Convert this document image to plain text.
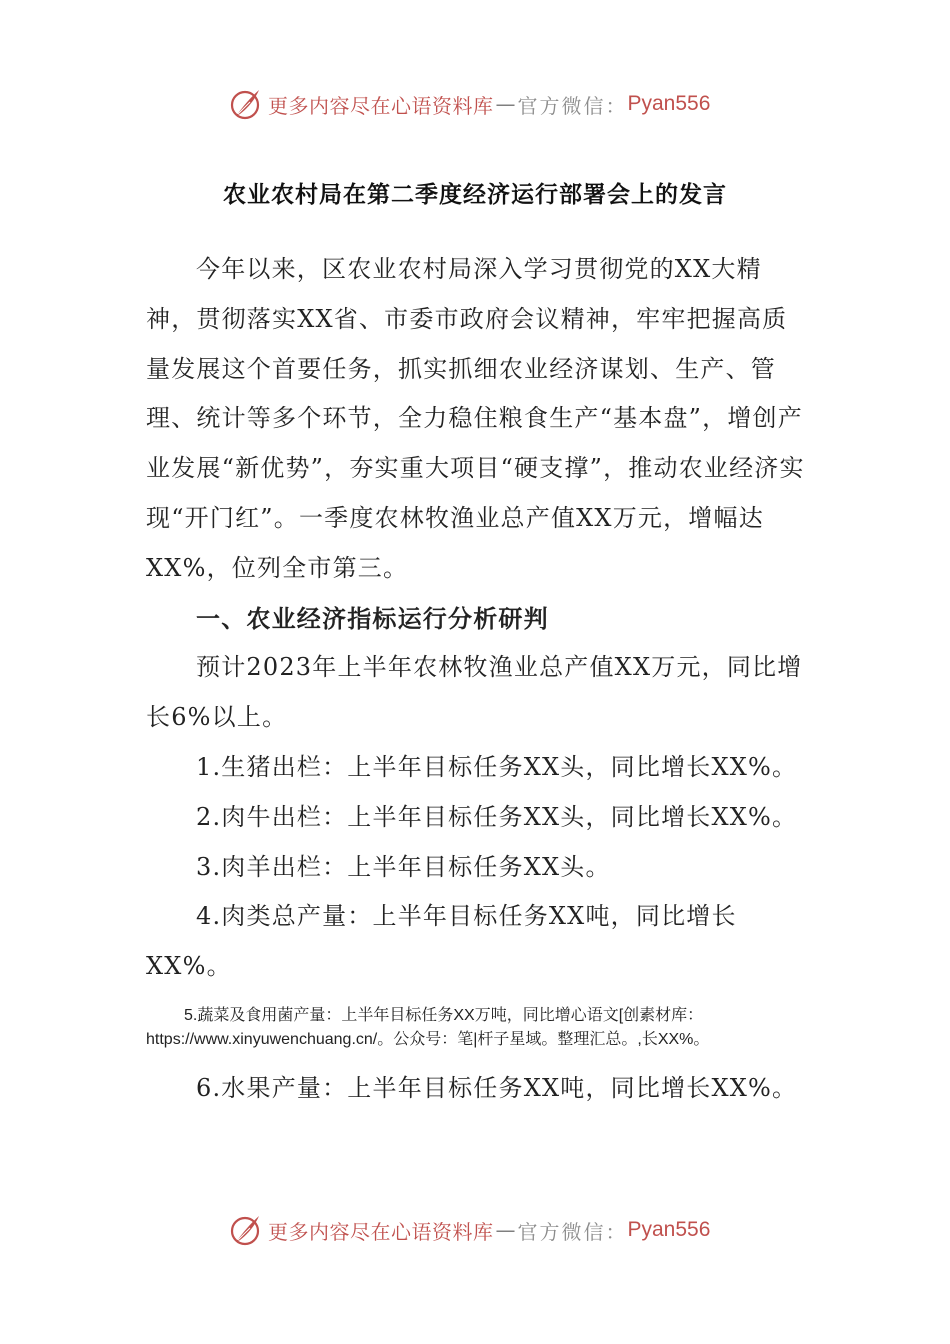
更多内容尽在心语资料库 — 官方微信： Pyan556
农业农村局在第二季度经济运行部署会上的发言

今年以来，区农业农村局深入学习贯彻党的XX大精神，贯彻落实XX省、市委市政府会议精神，牢牢把握高质量发展这个首要任务，抓实抓细农业经济谋划、生产、管理、统计等多个环节，全力稳住粮食生产“基本盘”，增创产业发展“新优势”，夯实重大项目“硬支撑”，推动农业经济实现“开门红”。一季度农林牧渔业总产值XX万元，增幅达XX%，位列全市第三。

一、农业经济指标运行分析研判

预计2023年上半年农林牧渔业总产值XX万元，同比增长6%以上。

1.生猪出栏：上半年目标任务XX头，同比增长XX%。

2.肉牛出栏：上半年目标任务XX头，同比增长XX%。

3.肉羊出栏：上半年目标任务XX头。

4.肉类总产量：上半年目标任务XX吨，同比增长XX%。

5.蔬菜及食用菌产量：上半年目标任务XX万吨，同比增心语文[创素材库：https://www.xinyuwenchuang.cn/。公众号：笔|杆子星域。整理汇总。,长XX%。

6.水果产量：上半年目标任务XX吨，同比增长XX%。

更多内容尽在心语资料库 — 官方微信： Pyan556
